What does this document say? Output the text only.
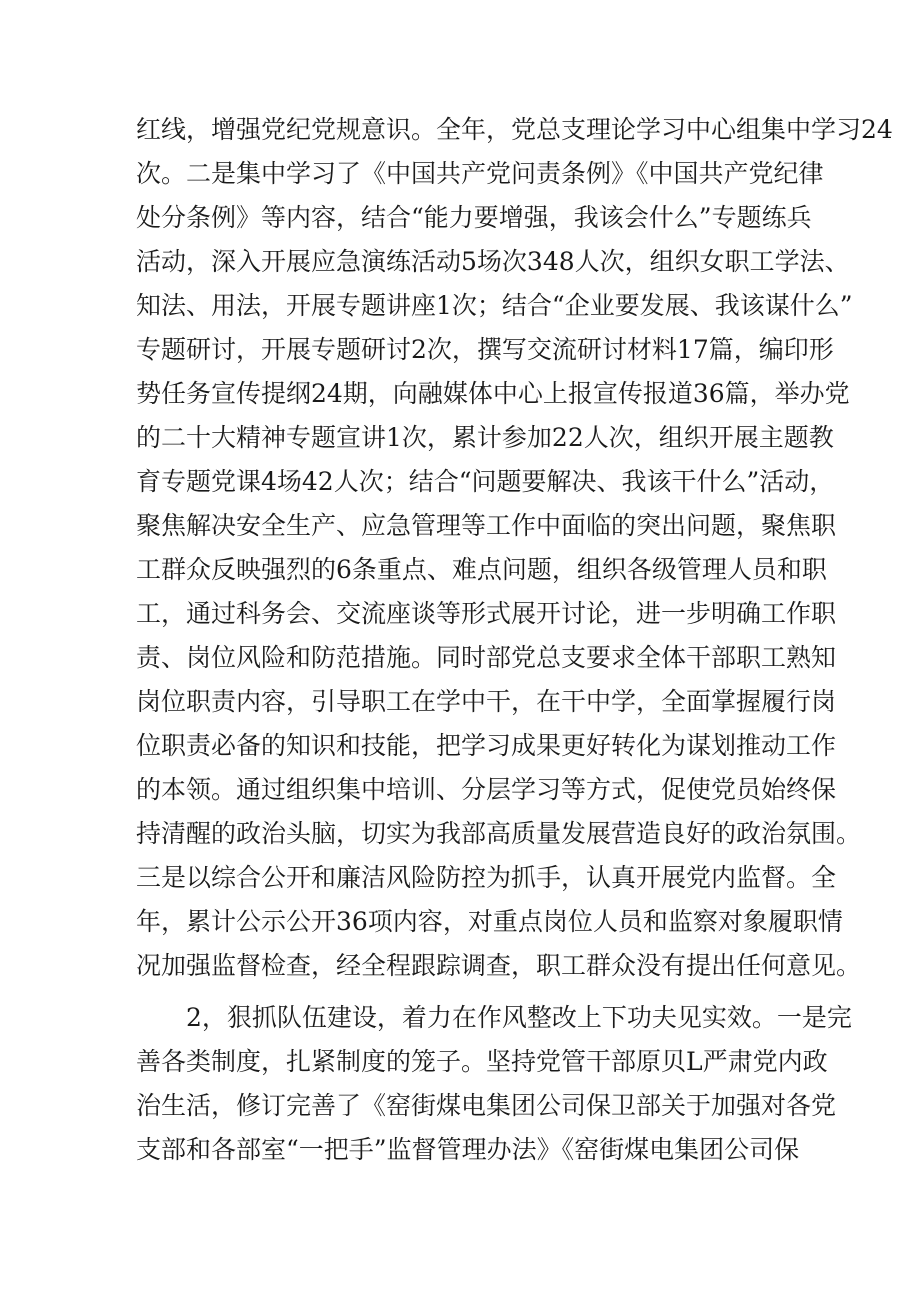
红线，增强党纪党规意识。全年，党总支理论学习中心组集中学习24
次。二是集中学习了《中国共产党问责条例》《中国共产党纪律
处分条例》等内容，结合“能力要增强，我该会什么”专题练兵
活动，深入开展应急演练活动5场次348人次，组织女职工学法、
知法、用法，开展专题讲座1次；结合“企业要发展、我该谋什么”
专题研讨，开展专题研讨2次，撰写交流研讨材料17篇，编印形
势任务宣传提纲24期，向融媒体中心上报宣传报道36篇，举办党
的二十大精神专题宣讲1次，累计参加22人次，组织开展主题教
育专题党课4场42人次；结合“问题要解决、我该干什么”活动，
聚焦解决安全生产、应急管理等工作中面临的突出问题，聚焦职
工群众反映强烈的6条重点、难点问题，组织各级管理人员和职
工，通过科务会、交流座谈等形式展开讨论，进一步明确工作职
责、岗位风险和防范措施。同时部党总支要求全体干部职工熟知
岗位职责内容，引导职工在学中干，在干中学，全面掌握履行岗
位职责必备的知识和技能，把学习成果更好转化为谋划推动工作
的本领。通过组织集中培训、分层学习等方式，促使党员始终保
持清醒的政治头脑，切实为我部高质量发展营造良好的政治氛围。
三是以综合公开和廉洁风险防控为抓手，认真开展党内监督。全
年，累计公示公开36项内容，对重点岗位人员和监察对象履职情
况加强监督检查，经全程跟踪调查，职工群众没有提出任何意见。
2，狠抓队伍建设，着力在作风整改上下功夫见实效。一是完
善各类制度，扎紧制度的笼子。坚持党管干部原贝L严肃党内政
治生活，修订完善了《窑街煤电集团公司保卫部关于加强对各党
支部和各部室“一把手”监督管理办法》《窑街煤电集团公司保
